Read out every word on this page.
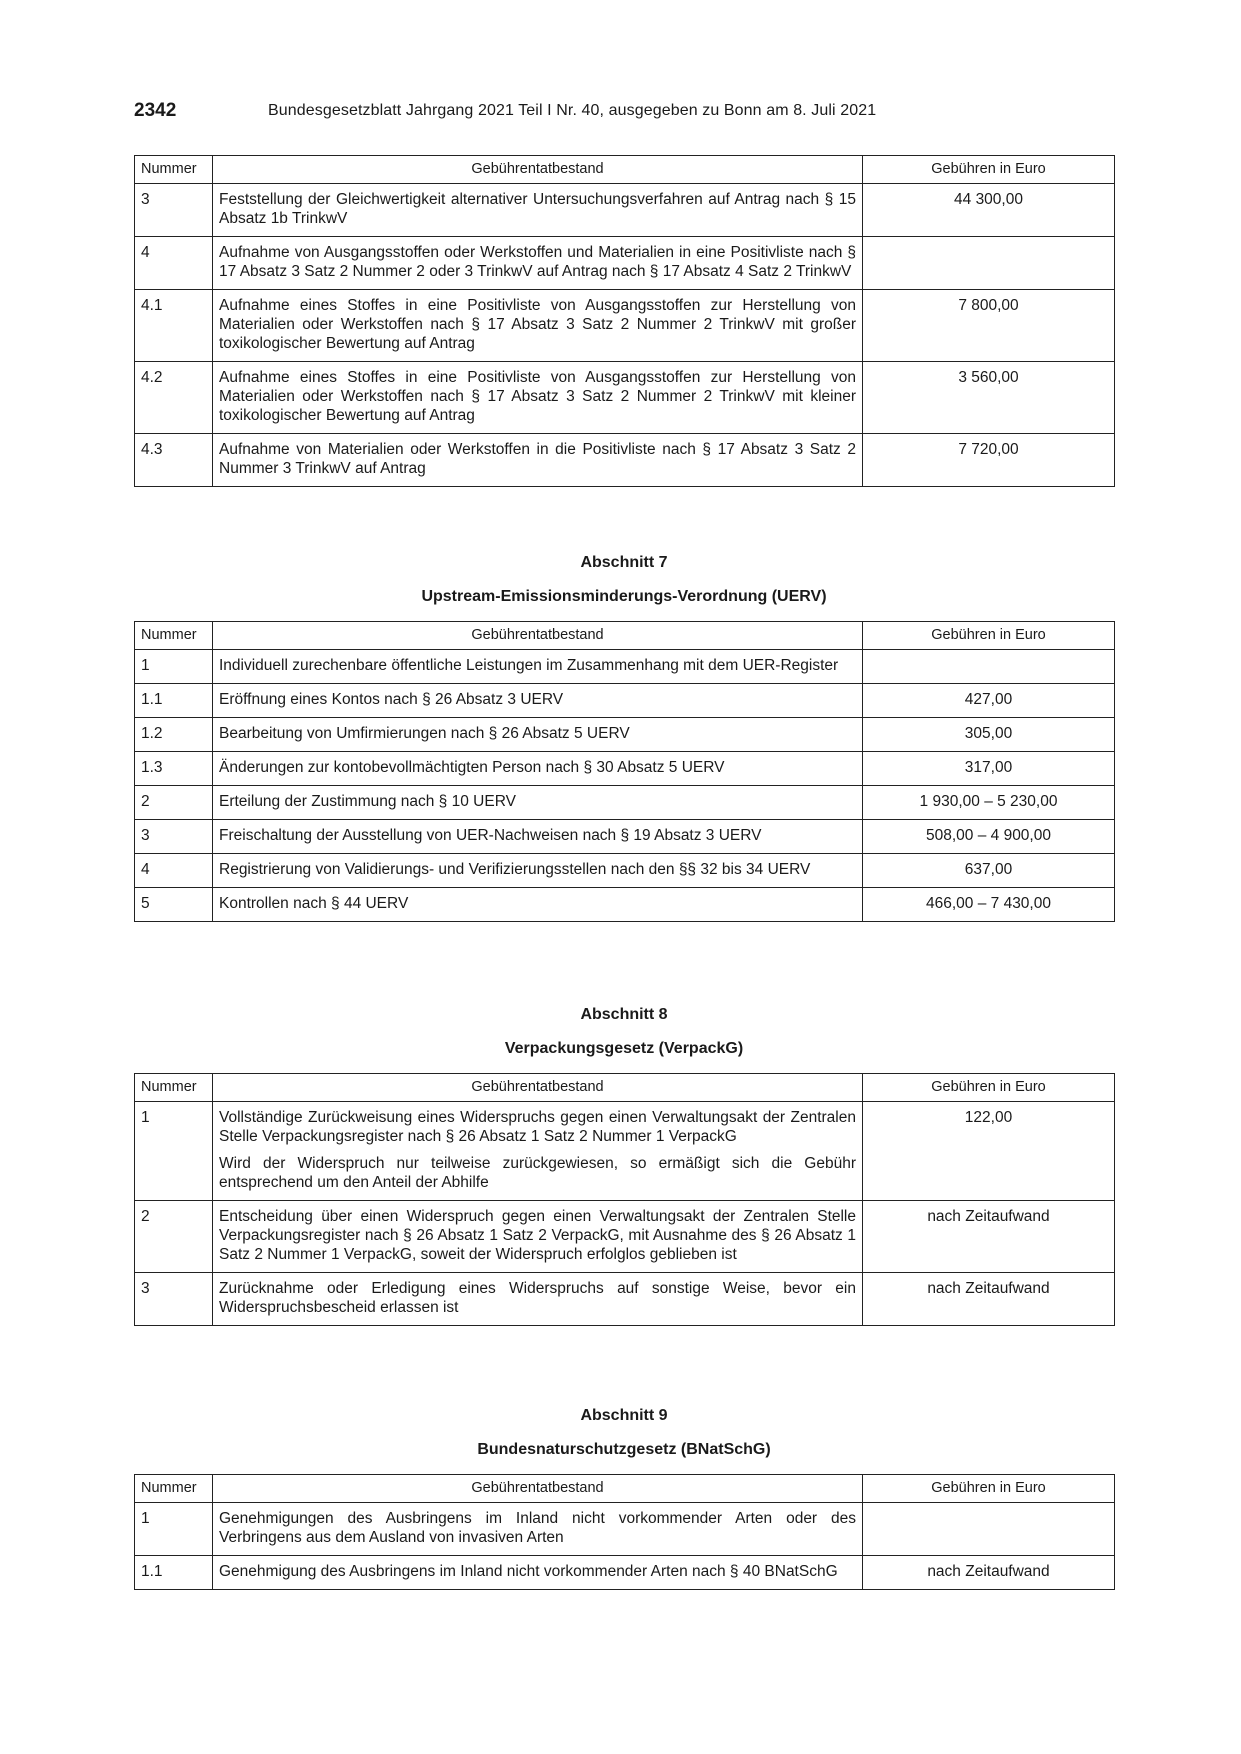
2342	Bundesgesetzblatt Jahrgang 2021 Teil I Nr. 40, ausgegeben zu Bonn am 8. Juli 2021
Nummer	Gebührentatbestand	Gebühren in Euro
3	Feststellung der Gleichwertigkeit alternativer Untersuchungsverfahren auf Antrag nach § 15 Absatz 1b TrinkwV	44 300,00
4	Aufnahme von Ausgangsstoffen oder Werkstoffen und Materialien in eine Positivliste nach § 17 Absatz 3 Satz 2 Nummer 2 oder 3 TrinkwV auf Antrag nach § 17 Absatz 4 Satz 2 TrinkwV	

4.1	Aufnahme eines Stoffes in eine Positivliste von Ausgangsstoffen zur Herstellung von Materialien oder Werkstoffen nach § 17 Absatz 3 Satz 2 Nummer 2 TrinkwV mit großer toxikologischer Bewertung auf Antrag	7 800,00
4.2	Aufnahme eines Stoffes in eine Positivliste von Ausgangsstoffen zur Herstellung von Materialien oder Werkstoffen nach § 17 Absatz 3 Satz 2 Nummer 2 TrinkwV mit kleiner toxikologischer Bewertung auf Antrag	3 560,00
4.3	Aufnahme von Materialien oder Werkstoffen in die Positivliste nach § 17 Absatz 3 Satz 2 Nummer 3 TrinkwV auf Antrag	7 720,00
Abschnitt 7
Upstream-Emissionsminderungs-Verordnung (UERV)
Nummer	Gebührentatbestand	Gebühren in Euro
1	Individuell zurechenbare öffentliche Leistungen im Zusammenhang mit dem UER-Register	

1.1	Eröffnung eines Kontos nach § 26 Absatz 3 UERV	427,00
1.2	Bearbeitung von Umfirmierungen nach § 26 Absatz 5 UERV	305,00
1.3	Änderungen zur kontobevollmächtigten Person nach § 30 Absatz 5 UERV	317,00
2	Erteilung der Zustimmung nach § 10 UERV	1 930,00 – 5 230,00
3	Freischaltung der Ausstellung von UER-Nachweisen nach § 19 Absatz 3 UERV	508,00 – 4 900,00
4	Registrierung von Validierungs- und Verifizierungsstellen nach den §§ 32 bis 34 UERV	637,00
5	Kontrollen nach § 44 UERV	466,00 – 7 430,00
Abschnitt 8
Verpackungsgesetz (VerpackG)
Nummer	Gebührentatbestand	Gebühren in Euro
1	Vollständige Zurückweisung eines Widerspruchs gegen einen Verwaltungsakt der Zentralen Stelle Verpackungsregister nach § 26 Absatz 1 Satz 2 Nummer 1 VerpackG
Wird der Widerspruch nur teilweise zurückgewiesen, so ermäßigt sich die Gebühr entsprechend um den Anteil der Abhilfe	122,00
2	Entscheidung über einen Widerspruch gegen einen Verwaltungsakt der Zentralen Stelle Verpackungsregister nach § 26 Absatz 1 Satz 2 VerpackG, mit Ausnahme des § 26 Absatz 1 Satz 2 Nummer 1 VerpackG, soweit der Widerspruch erfolglos geblieben ist	nach Zeitaufwand
3	Zurücknahme oder Erledigung eines Widerspruchs auf sonstige Weise, bevor ein Widerspruchsbescheid erlassen ist	nach Zeitaufwand
Abschnitt 9
Bundesnaturschutzgesetz (BNatSchG)
Nummer	Gebührentatbestand	Gebühren in Euro
1	Genehmigungen des Ausbringens im Inland nicht vorkommender Arten oder des Verbringens aus dem Ausland von invasiven Arten	

1.1	Genehmigung des Ausbringens im Inland nicht vorkommender Arten nach § 40 BNatSchG	nach Zeitaufwand
